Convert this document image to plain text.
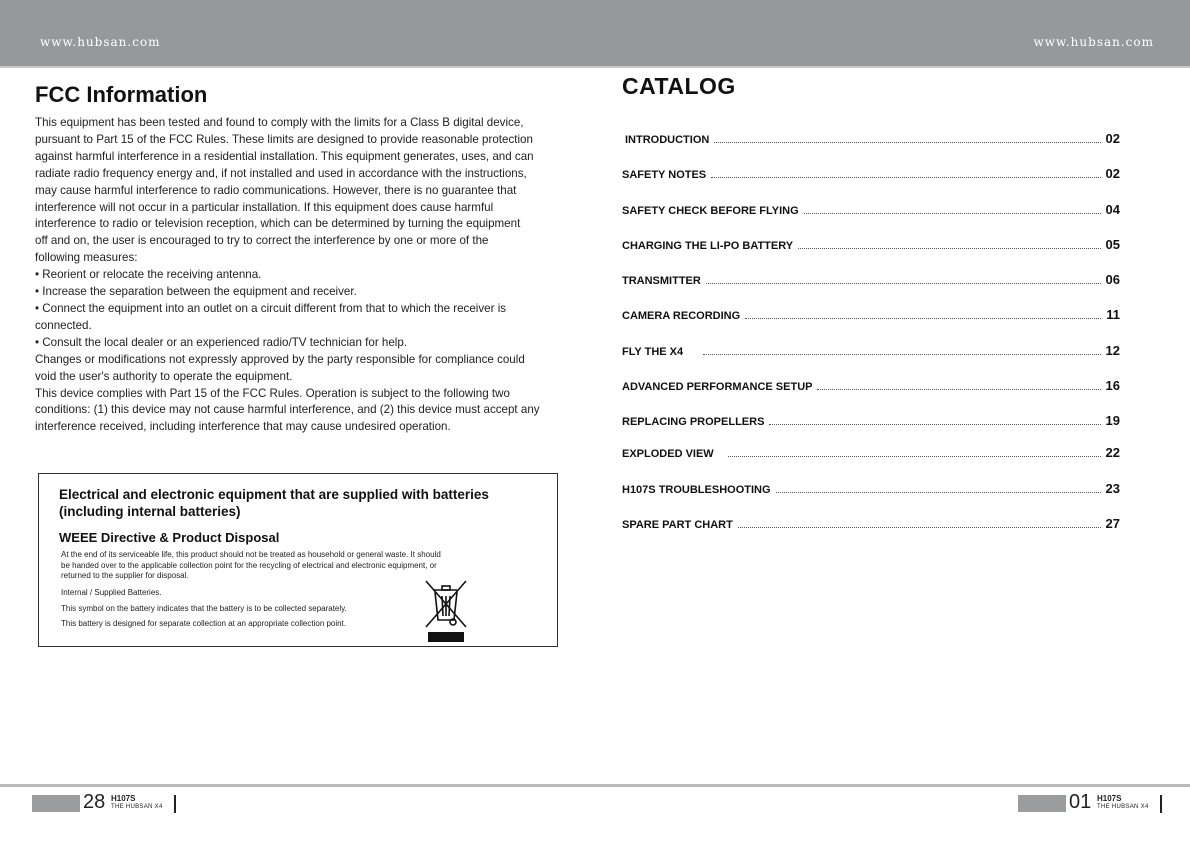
www.hubsan.com	www.hubsan.com
FCC Information

This equipment has been tested and found to comply with the limits for a Class B digital device,

pursuant to Part 15 of the FCC Rules. These limits are designed to provide reasonable protection

against harmful interference in a residential installation. This equipment generates, uses, and can

radiate radio frequency energy and, if not installed and used in accordance with the instructions,

may cause harmful interference to radio communications. However, there is no guarantee that

interference will not occur in a particular installation. If this equipment does cause harmful

interference to radio or television reception, which can be determined by turning the equipment

off and on, the user is encouraged to try to correct the interference by one or more of the

following measures:

• Reorient or relocate the receiving antenna.

• Increase the separation between the equipment and receiver.

• Connect the equipment into an outlet on a circuit different from that to which the receiver is

connected.

• Consult the local dealer or an experienced radio/TV technician for help.

Changes or modifications not expressly approved by the party responsible for compliance could

void the user's authority to operate the equipment.

This device complies with Part 15 of the FCC Rules. Operation is subject to the following two

conditions: (1) this device may not cause harmful interference, and (2) this device must accept any

interference received, including interference that may cause undesired operation.

Electrical and electronic equipment that are supplied with batteries
(including internal batteries)
WEEE Directive & Product Disposal

At the end of its serviceable life, this product should not be treated as household or general waste. It should

be handed over to the applicable collection point for the recycling of electrical and electronic equipment, or

returned to the supplier for disposal.

Internal / Supplied Batteries.

This symbol on the battery indicates that the battery is to be collected separately.

This battery is designed for separate collection at an appropriate collection point.

CATALOG
INTRODUCTION	02
SAFETY NOTES	02
SAFETY CHECK BEFORE FLYING	04
CHARGING THE LI-PO BATTERY	05
TRANSMITTER	06
CAMERA RECORDING	11
FLY THE X4	12
ADVANCED PERFORMANCE SETUP	16
REPLACING PROPELLERS	19
EXPLODED VIEW	22
H107S TROUBLESHOOTING	23
SPARE PART CHART	27
28 H107S
THE HUBSAN X4	01 H107S
THE HUBSAN X4
